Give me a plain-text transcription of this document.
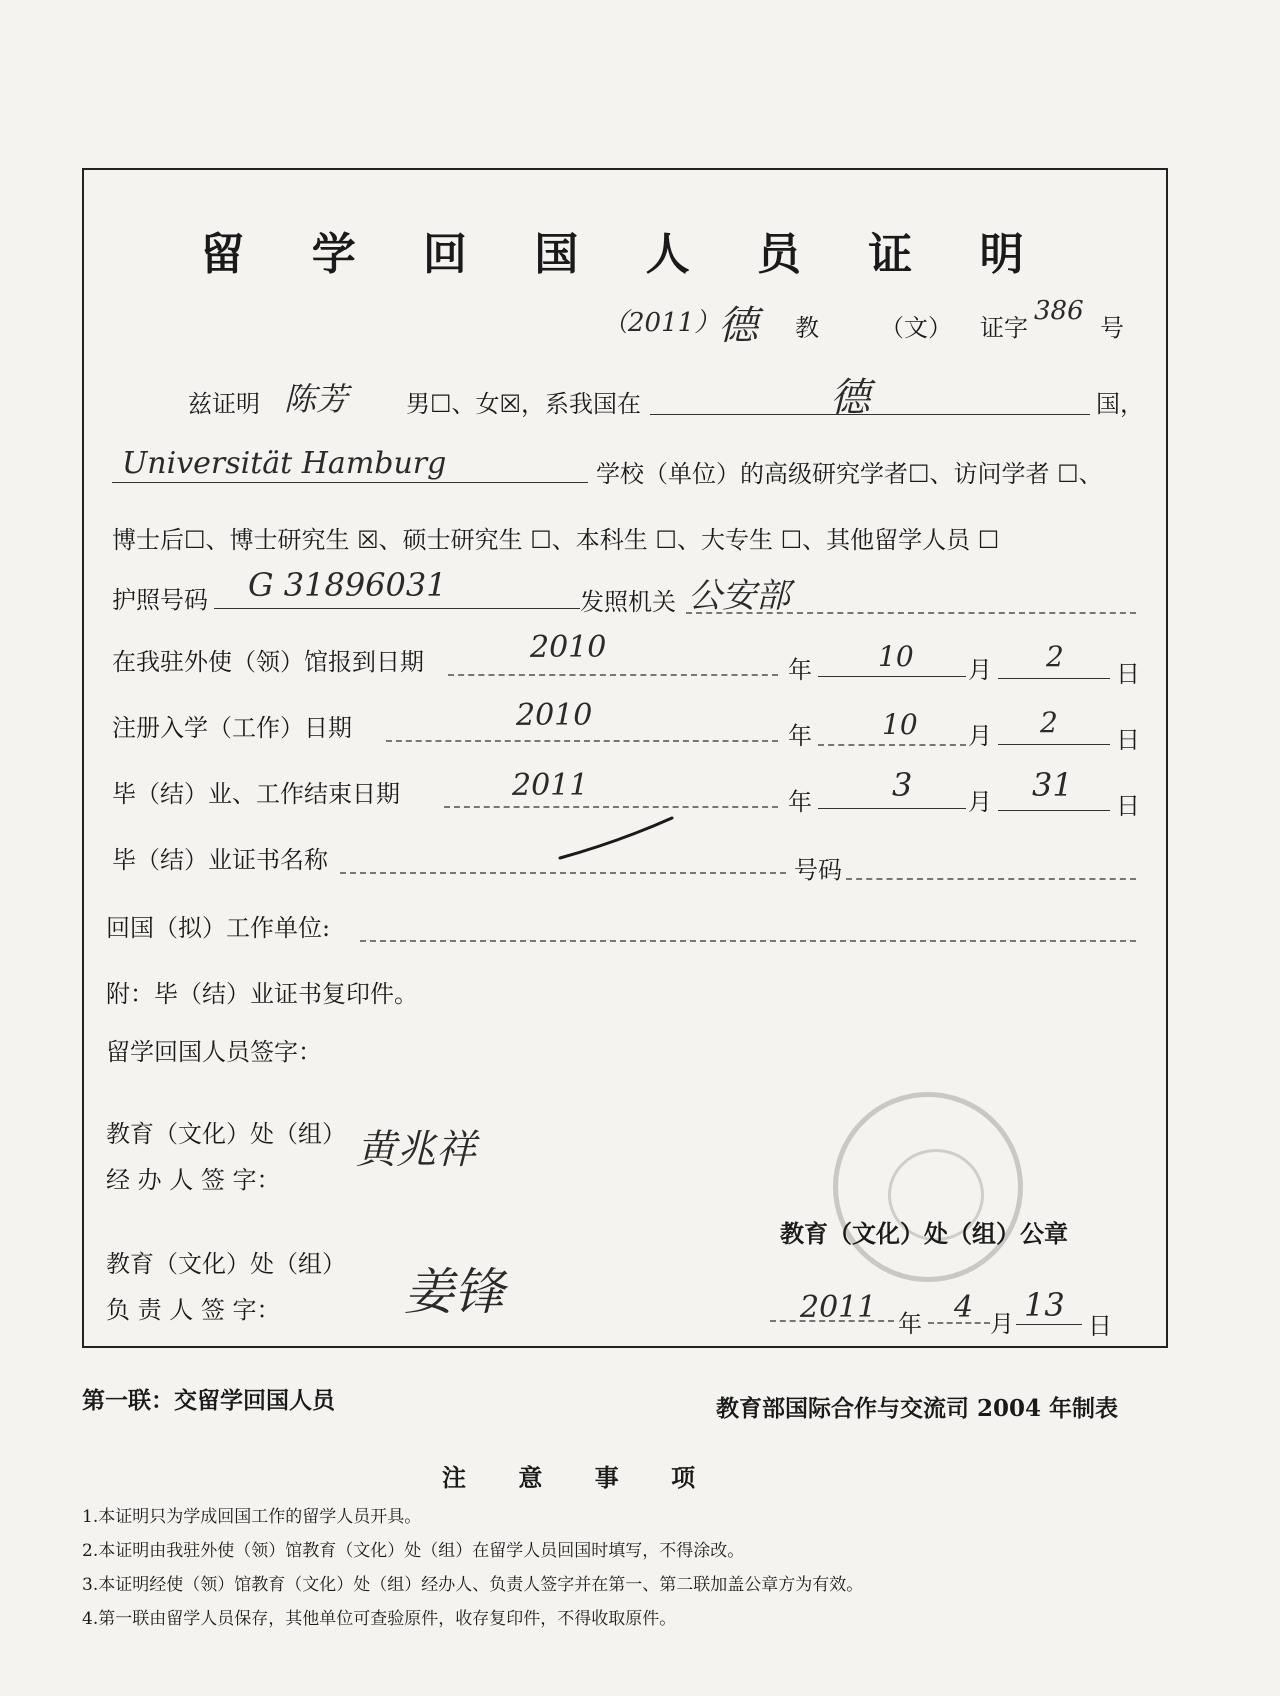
留 学 回 国 人 员 证 明
（2011）
德 教	（文） 证字
386
号
兹证明 陈芳 男☐、女☒，系我国在	德	国，
Universität Hamburg	学校（单位）的高级研究学者☐、访问学者 ☐、
博士后☐、博士研究生 ☒、硕士研究生 ☐、本科生 ☐、大专生 ☐、其他留学人员 ☐
护照号码 G 31896031	发照机关 公安部
在我驻外使（领）馆报到日期	2010
年 10 月 2
日
注册入学（工作）日期	2010
年	10 月 2
日
毕（结）业、工作结束日期	2011	年	3 月 31
日
毕（结）业证书名称	号码
回国（拟）工作单位:
附：毕（结）业证书复印件。
留学回国人员签字：
教育（文化）处（组）
经 办 人 签 字：
黄兆祥
教育（文化）处（组）公章
教育（文化）处（组）
负 责 人 签 字： 姜锋	2011 年 4 月 13
日
第一联：交留学回国人员	教育部国际合作与交流司 2004 年制表
注 意 事 项
1.本证明只为学成回国工作的留学人员开具。
2.本证明由我驻外使（领）馆教育（文化）处（组）在留学人员回国时填写，不得涂改。
3.本证明经使（领）馆教育（文化）处（组）经办人、负责人签字并在第一、第二联加盖公章方为有效。
4.第一联由留学人员保存，其他单位可查验原件，收存复印件，不得收取原件。
